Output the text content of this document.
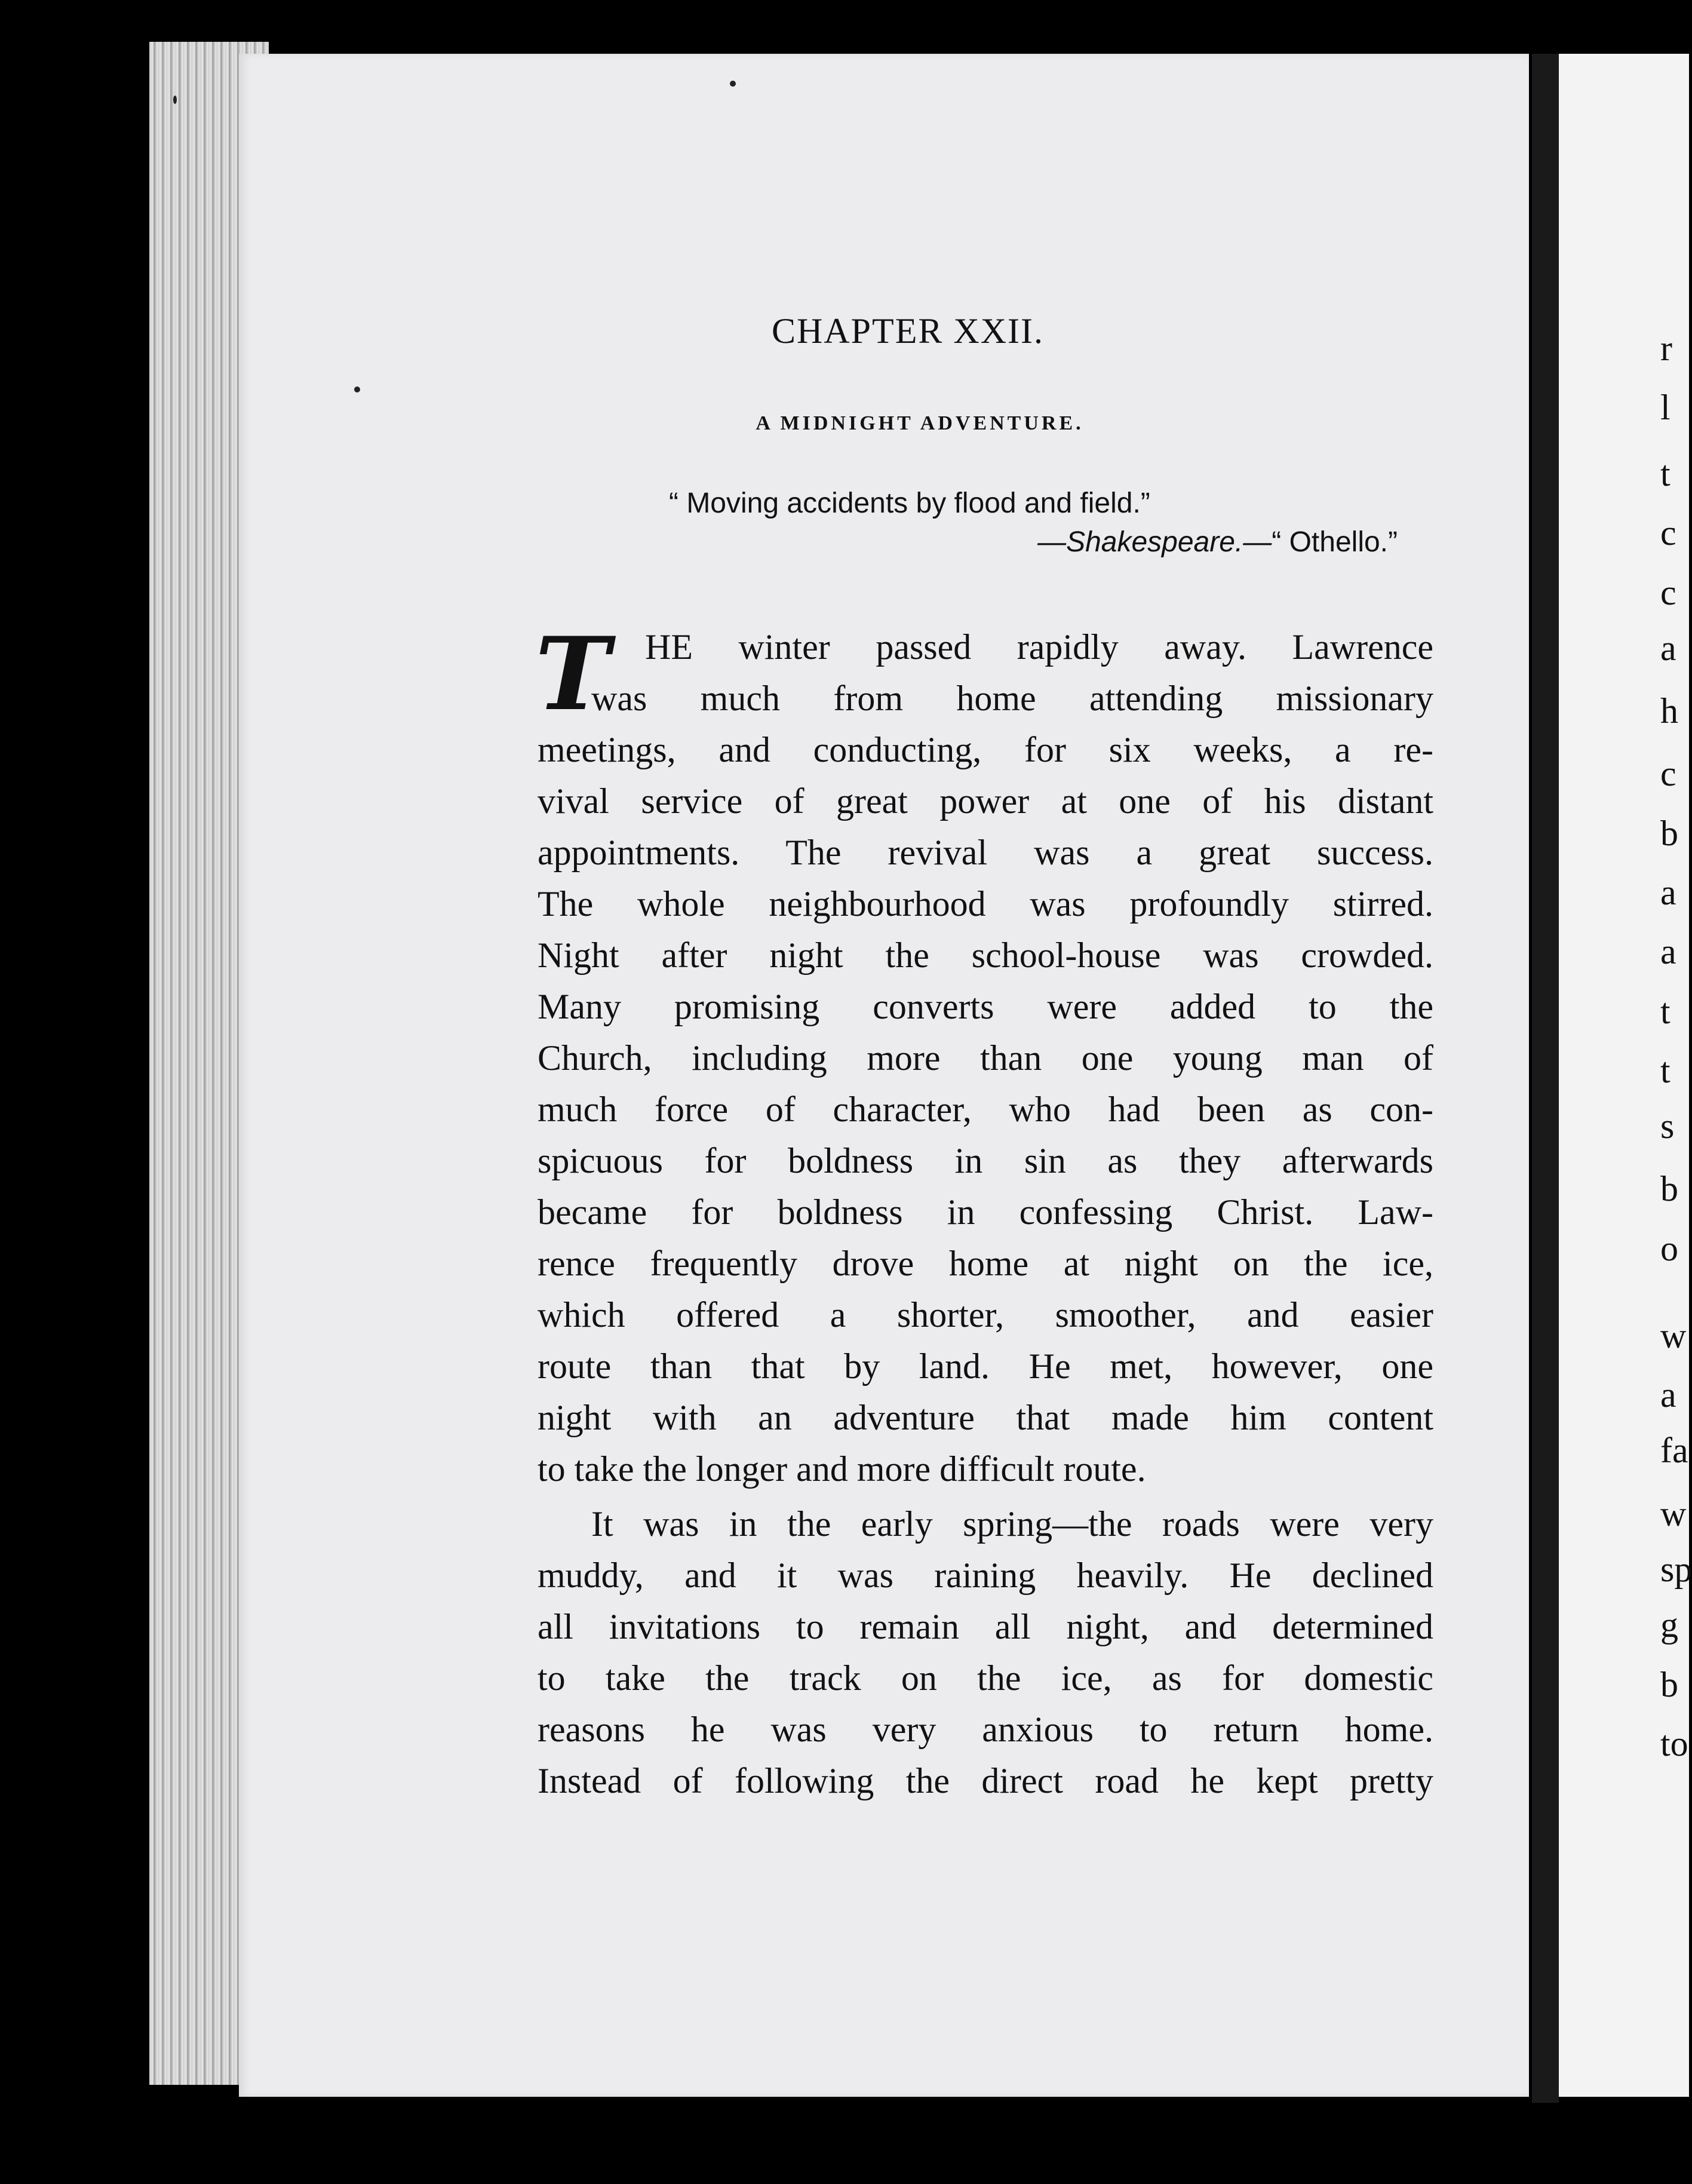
CHAPTER XXII.
A MIDNIGHT ADVENTURE.
“ Moving accidents by flood and field.”
—Shakespeare.—“ Othello.”
T HE winter passed rapidly away. Lawrence
was much from home attending missionary
meetings, and conducting, for six weeks, a re-
vival service of great power at one of his distant
appointments. The revival was a great success.
The whole neighbourhood was profoundly stirred.
Night after night the school-house was crowded.
Many promising converts were added to the
Church, including more than one young man of
much force of character, who had been as con-
spicuous for boldness in sin as they afterwards
became for boldness in confessing Christ. Law-
rence frequently drove home at night on the ice,
which offered a shorter, smoother, and easier
route than that by land. He met, however, one
night with an adventure that made him content
to take the longer and more difficult route.
It was in the early spring—the roads were very
muddy, and it was raining heavily. He declined
all invitations to remain all night, and determined
to take the track on the ice, as for domestic
reasons he was very anxious to return home.
Instead of following the direct road he kept pretty
r
l
t
c
c
a
h
c
b
a
a
t
t
s
b
o
w
a
fa
w
sp
g
b
to
